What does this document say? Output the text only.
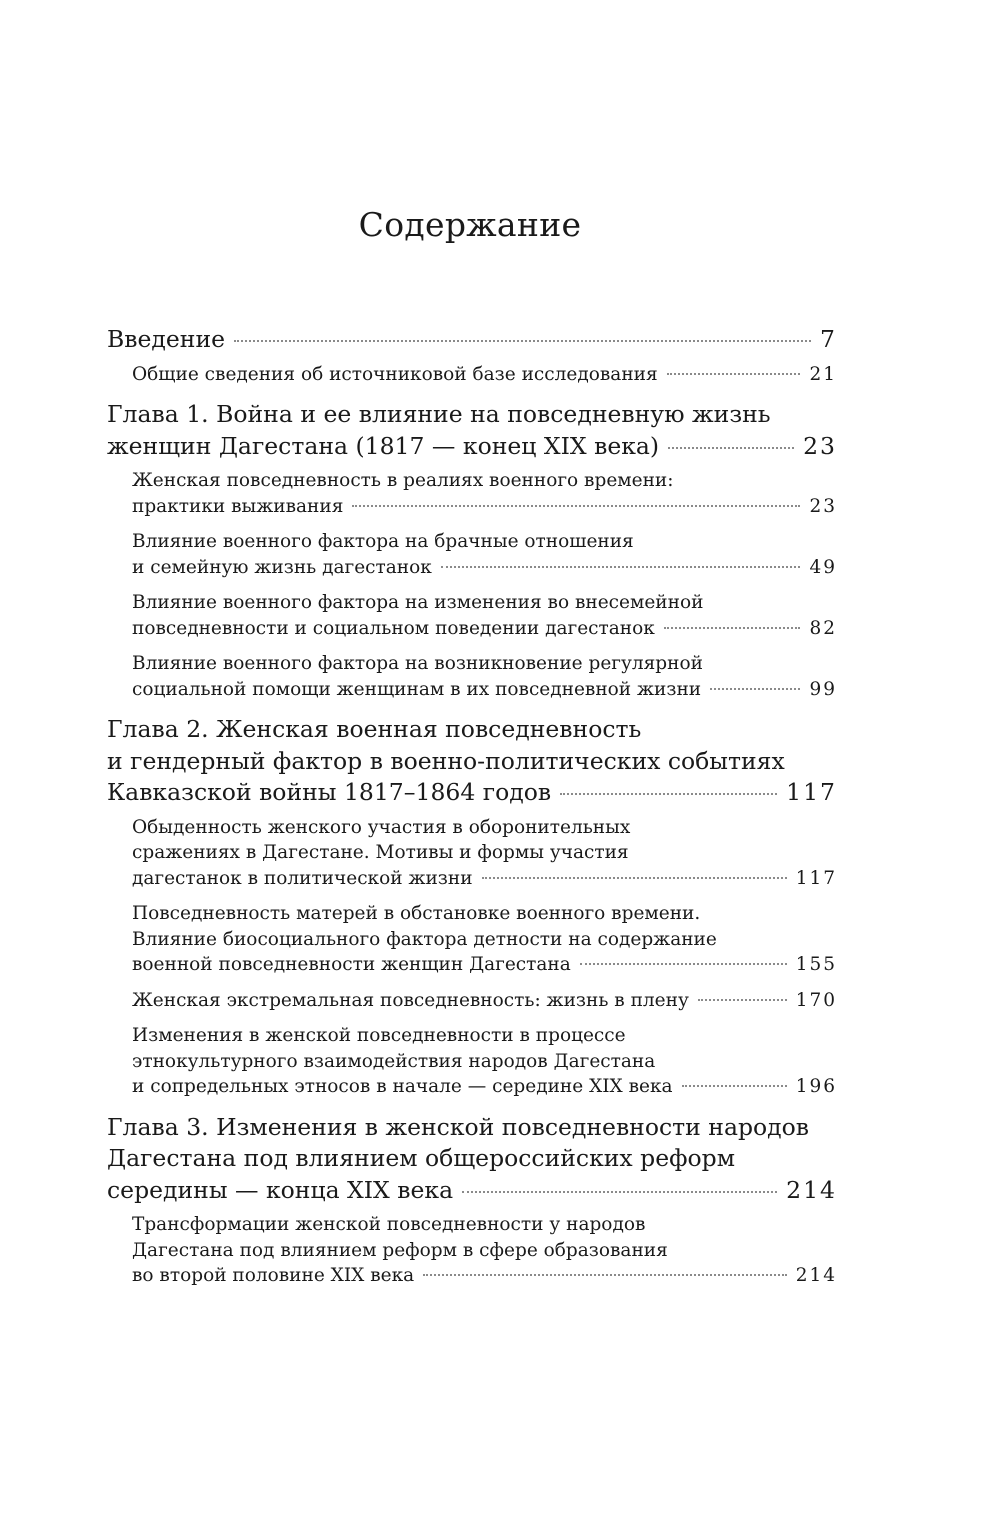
Содержание
Введение	7
Общие сведения об источниковой базе исследования	21
Глава 1. Война и ее влияние на повседневную жизнь
женщин Дагестана (1817 — конец XIX века)	23
Женская повседневность в реалиях военного времени:
практики выживания	23
Влияние военного фактора на брачные отношения
и семейную жизнь дагестанок	49
Влияние военного фактора на изменения во внесемейной
повседневности и социальном поведении дагестанок	82
Влияние военного фактора на возникновение регулярной
социальной помощи женщинам в их повседневной жизни	99
Глава 2. Женская военная повседневность
и гендерный фактор в военно-политических событиях
Кавказской войны 1817–1864 годов	117
Обыденность женского участия в оборонительных
сражениях в Дагестане. Мотивы и формы участия
дагестанок в политической жизни	117
Повседневность матерей в обстановке военного времени.
Влияние биосоциального фактора детности на содержание
военной повседневности женщин Дагестана	155
Женская экстремальная повседневность: жизнь в плену	170
Изменения в женской повседневности в процессе
этнокультурного взаимодействия народов Дагестана
и сопредельных этносов в начале — середине XIX века	196
Глава 3. Изменения в женской повседневности народов
Дагестана под влиянием общероссийских реформ
середины — конца XIX века	214
Трансформации женской повседневности у народов
Дагестана под влиянием реформ в сфере образования
во второй половине XIX века	214
